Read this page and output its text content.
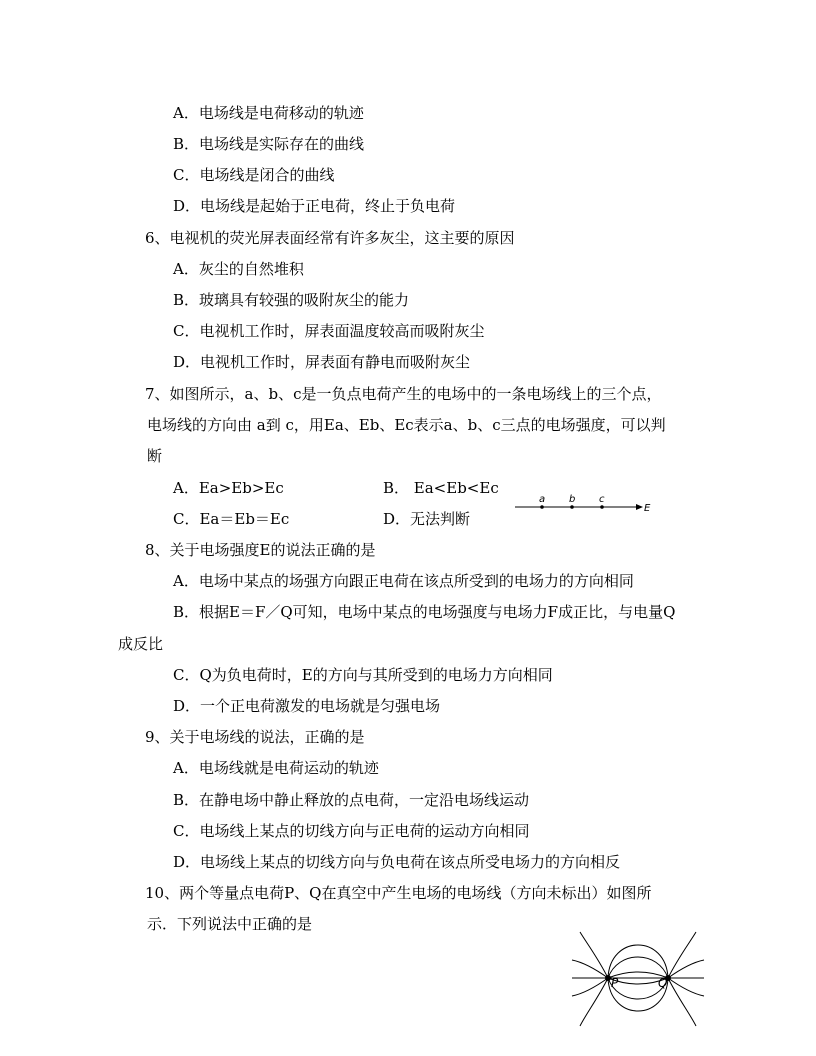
A．电场线是电荷移动的轨迹
B．电场线是实际存在的曲线
C．电场线是闭合的曲线
D．电场线是起始于正电荷，终止于负电荷
6、电视机的荧光屏表面经常有许多灰尘，这主要的原因
A．灰尘的自然堆积
B．玻璃具有较强的吸附灰尘的能力
C．电视机工作时，屏表面温度较高而吸附灰尘
D．电视机工作时，屏表面有静电而吸附灰尘
7、如图所示，a、b、c是一负点电荷产生的电场中的一条电场线上的三个点，
电场线的方向由 a到 c，用Ea、Eb、Ec表示a、b、c三点的电场强度，可以判
断
A．Ea>Eb>Ec	B． Ea<Eb<Ec
C．Ea＝Eb＝Ec	D．无法判断
a b c
E
8、关于电场强度E的说法正确的是
A．电场中某点的场强方向跟正电荷在该点所受到的电场力的方向相同
B．根据E＝F／Q可知，电场中某点的电场强度与电场力F成正比，与电量Q
成反比
C．Q为负电荷时，E的方向与其所受到的电场力方向相同
D．一个正电荷激发的电场就是匀强电场
9、关于电场线的说法，正确的是
A．电场线就是电荷运动的轨迹
B．在静电场中静止释放的点电荷，一定沿电场线运动
C．电场线上某点的切线方向与正电荷的运动方向相同
D．电场线上某点的切线方向与负电荷在该点所受电场力的方向相反
10、两个等量点电荷P、Q在真空中产生电场的电场线（方向未标出）如图所
示．下列说法中正确的是
P	Q
